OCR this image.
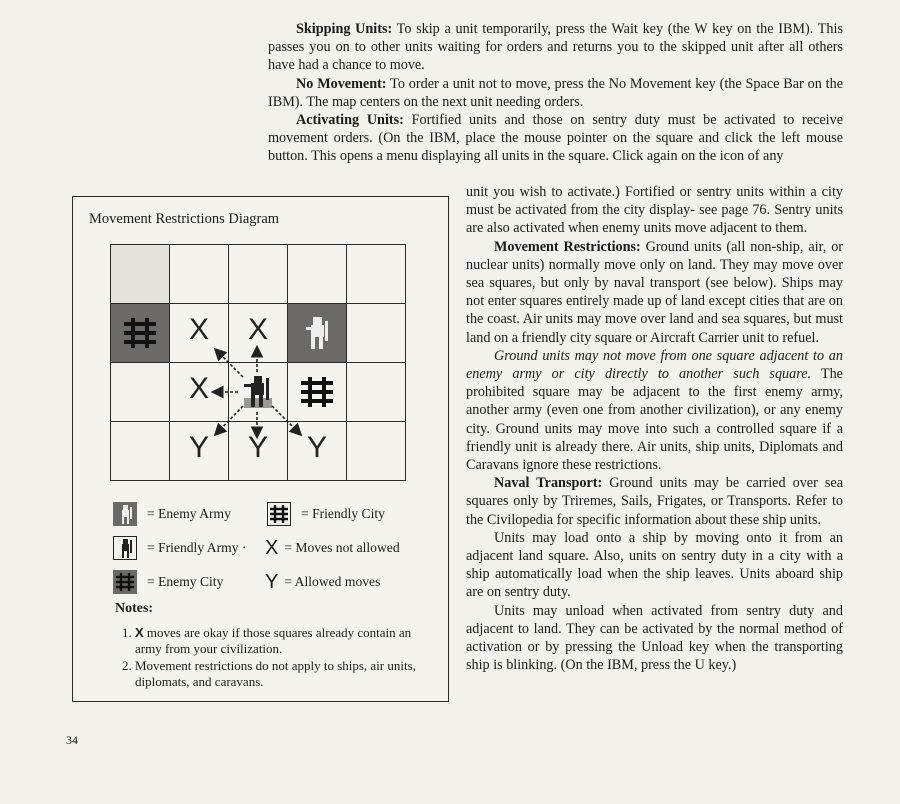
Skipping Units: To skip a unit temporarily, press the Wait key (the W key on the IBM). This passes you on to other units waiting for orders and returns you to the skipped unit after all others have had a chance to move.

No Movement: To order a unit not to move, press the No Movement key (the Space Bar on the IBM). The map centers on the next unit needing orders.

Activating Units: Fortified units and those on sentry duty must be activated to receive movement orders. (On the IBM, place the mouse pointer on the square and click the left mouse button. This opens a menu displaying all units in the square. Click again on the icon of any

unit you wish to activate.) Fortified or sentry units within a city must be activated from the city display- see page 76. Sentry units are also activated when enemy units move adjacent to them.

Movement Restrictions: Ground units (all non-ship, air, or nuclear units) normally move only on land. They may move over sea squares, but only by naval transport (see below). Ships may not enter squares entirely made up of land except cities that are on the coast. Air units may move over land and sea squares, but must land on a friendly city square or Aircraft Carrier unit to refuel.

Ground units may not move from one square adjacent to an enemy army or city directly to another such square. The prohibited square may be adjacent to the first enemy army, another army (even one from another civilization), or any enemy city. Ground units may move into such a controlled square if a friendly unit is already there. Air units, ship units, Diplomats and Caravans ignore these restrictions.

Naval Transport: Ground units may be carried over sea squares only by Triremes, Sails, Frigates, or Transports. Refer to the Civilopedia for specific information about these ship units.

Units may load onto a ship by moving onto it from an adjacent land square. Also, units on sentry duty in a city with a ship automatically load when the ship leaves. Units aboard ship are on sentry duty.

Units may unload when activated from sentry duty and adjacent to land. They can be activated by the normal method of activation or by pressing the Unload key when the transporting ship is blinking. (On the IBM, press the U key.)

Movement Restrictions Diagram
X	X
X
Y	Y	Y
= Enemy Army	= Friendly City
= Friendly Army · X = Moves not allowed
= Enemy City Y = Allowed moves
Notes:
1. X moves are okay if those squares already contain an army from your civilization.
2. Movement restrictions do not apply to ships, air units, diplomats, and caravans.
34
